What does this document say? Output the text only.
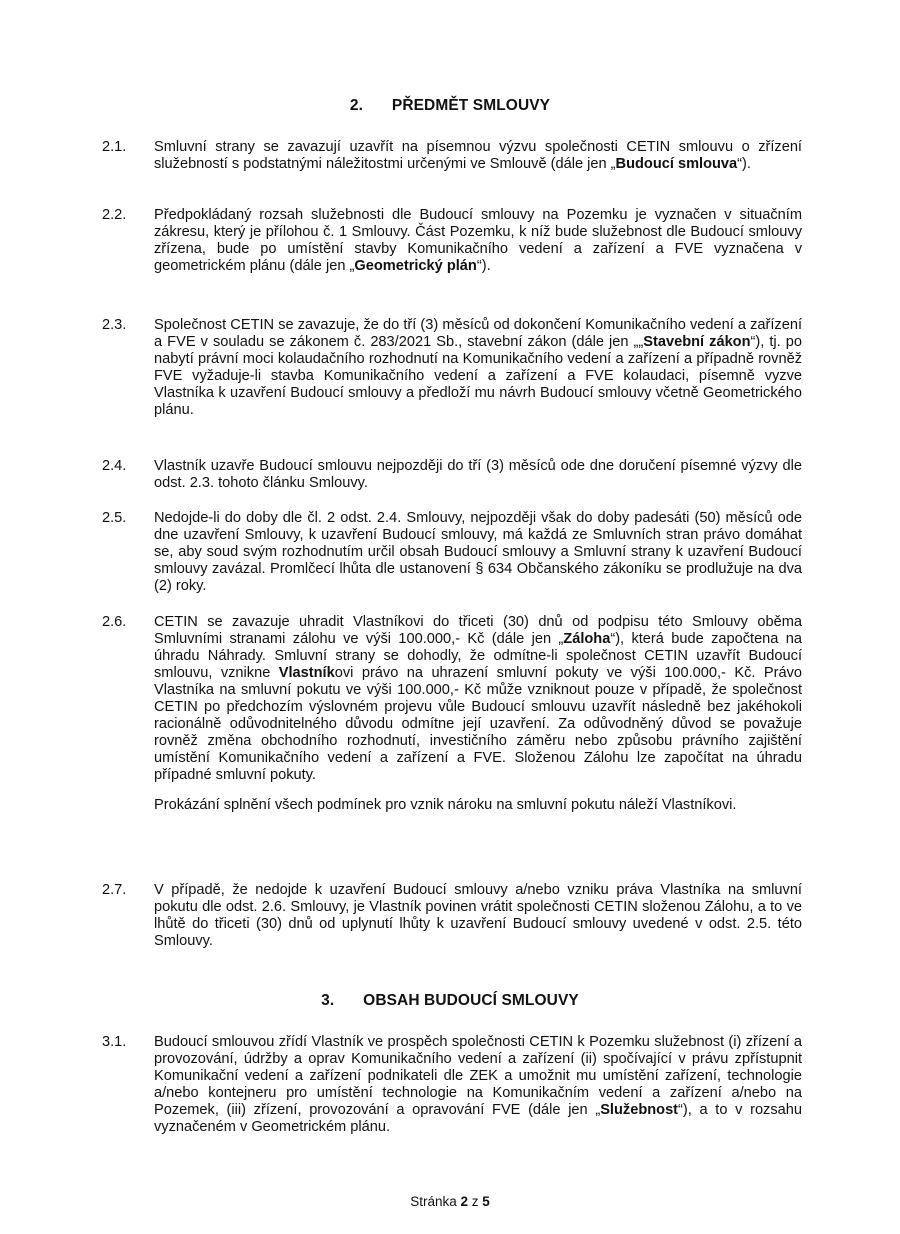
2. PŘEDMĚT SMLOUVY
2.1.	Smluvní strany se zavazují uzavřít na písemnou výzvu společnosti CETIN smlouvu o zřízení služebností s podstatnými náležitostmi určenými ve Smlouvě (dále jen „Budoucí smlouva“).

2.2.	Předpokládaný rozsah služebnosti dle Budoucí smlouvy na Pozemku je vyznačen v situačním zákresu, který je přílohou č. 1 Smlouvy. Část Pozemku, k níž bude služebnost dle Budoucí smlouvy zřízena, bude po umístění stavby Komunikačního vedení a zařízení a FVE vyznačena v geometrickém plánu (dále jen „Geometrický plán“).

2.3.	Společnost CETIN se zavazuje, že do tří (3) měsíců od dokončení Komunikačního vedení a zařízení a FVE v souladu se zákonem č. 283/2021 Sb., stavební zákon (dále jen „„Stavební zákon“), tj. po nabytí právní moci kolaudačního rozhodnutí na Komunikačního vedení a zařízení a případně rovněž FVE vyžaduje-li stavba Komunikačního vedení a zařízení a FVE kolaudaci, písemně vyzve Vlastníka k uzavření Budoucí smlouvy a předloží mu návrh Budoucí smlouvy včetně Geometrického plánu.

2.4.	Vlastník uzavře Budoucí smlouvu nejpozději do tří (3) měsíců ode dne doručení písemné výzvy dle odst. 2.3. tohoto článku Smlouvy.

2.5.	Nedojde-li do doby dle čl. 2 odst. 2.4. Smlouvy, nejpozději však do doby padesáti (50) měsíců ode dne uzavření Smlouvy, k uzavření Budoucí smlouvy, má každá ze Smluvních stran právo domáhat se, aby soud svým rozhodnutím určil obsah Budoucí smlouvy a Smluvní strany k uzavření Budoucí smlouvy zavázal. Promlčecí lhůta dle ustanovení § 634 Občanského zákoníku se prodlužuje na dva (2) roky.

2.6.	CETIN se zavazuje uhradit Vlastníkovi do třiceti (30) dnů od podpisu této Smlouvy oběma Smluvními stranami zálohu ve výši 100.000,- Kč (dále jen „Záloha“), která bude započtena na úhradu Náhrady. Smluvní strany se dohodly, že odmítne-li společnost CETIN uzavřít Budoucí smlouvu, vznikne Vlastníkovi právo na uhrazení smluvní pokuty ve výši 100.000,- Kč. Právo Vlastníka na smluvní pokutu ve výši 100.000,- Kč může vzniknout pouze v případě, že společnost CETIN po předchozím výslovném projevu vůle Budoucí smlouvu uzavřít následně bez jakéhokoli racionálně odůvodnitelného důvodu odmítne její uzavření. Za odůvodněný důvod se považuje rovněž změna obchodního rozhodnutí, investičního záměru nebo způsobu právního zajištění umístění Komunikačního vedení a zařízení a FVE. Složenou Zálohu lze započítat na úhradu případné smluvní pokuty.

Prokázání splnění všech podmínek pro vznik nároku na smluvní pokutu náleží Vlastníkovi.

2.7.	V případě, že nedojde k uzavření Budoucí smlouvy a/nebo vzniku práva Vlastníka na smluvní pokutu dle odst. 2.6. Smlouvy, je Vlastník povinen vrátit společnosti CETIN složenou Zálohu, a to ve lhůtě do třiceti (30) dnů od uplynutí lhůty k uzavření Budoucí smlouvy uvedené v odst. 2.5. této Smlouvy.

3. OBSAH BUDOUCÍ SMLOUVY
3.1.	Budoucí smlouvou zřídí Vlastník ve prospěch společnosti CETIN k Pozemku služebnost (i) zřízení a provozování, údržby a oprav Komunikačního vedení a zařízení (ii) spočívající v právu zpřístupnit Komunikační vedení a zařízení podnikateli dle ZEK a umožnit mu umístění zařízení, technologie a/nebo kontejneru pro umístění technologie na Komunikačním vedení a zařízení a/nebo na Pozemek, (iii) zřízení, provozování a opravování FVE (dále jen „Služebnost“), a to v rozsahu vyznačeném v Geometrickém plánu.

Stránka 2 z 5
